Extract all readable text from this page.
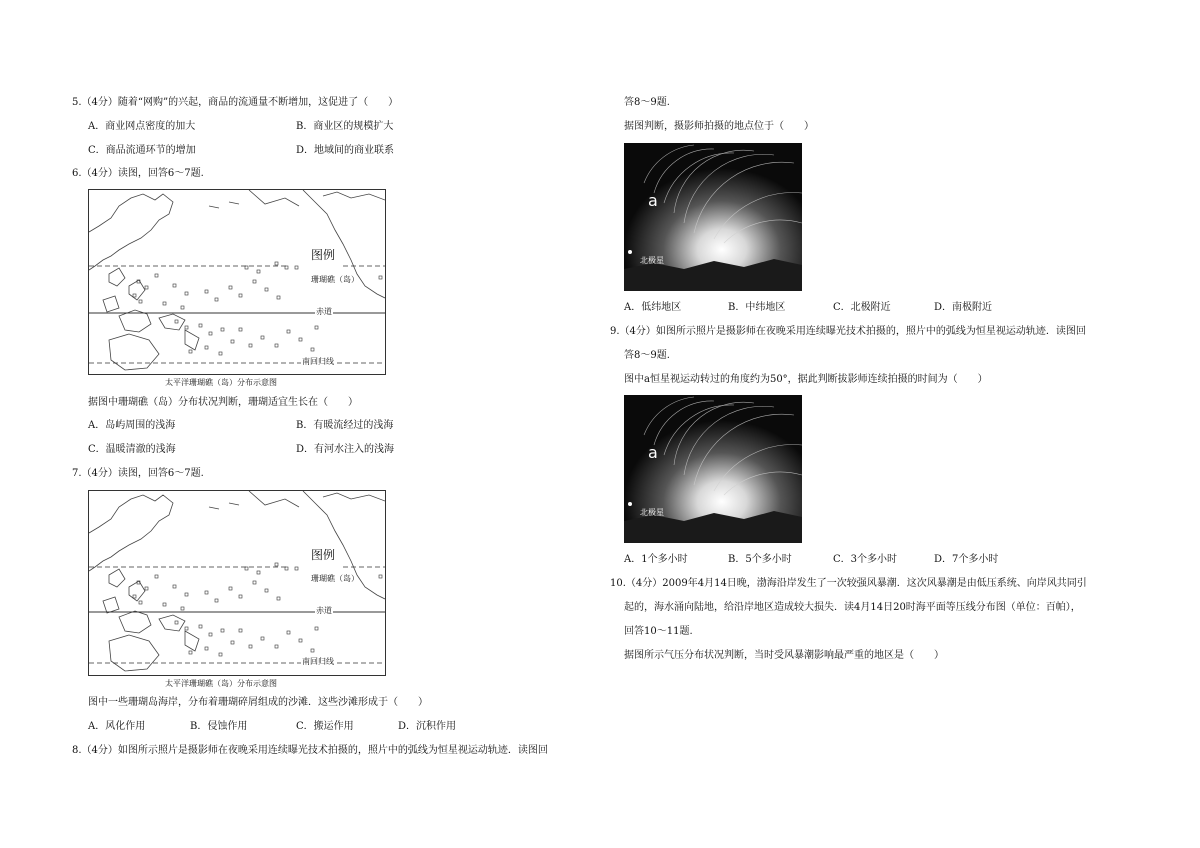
5.（4分）随着“网购”的兴起，商品的流通量不断增加，这促进了（　　）
A．商业网点密度的加大	B．商业区的规模扩大
C．商品流通环节的增加	D．地域间的商业联系
6.（4分）读图，回答6～7题.
图例
珊瑚礁（岛）
赤道
南回归线
太平洋珊瑚礁（岛）分布示意图
据图中珊瑚礁（岛）分布状况判断，珊瑚适宜生长在（　　）
A．岛屿周围的浅海	B．有暖流经过的浅海
C．温暖清澈的浅海	D．有河水注入的浅海
7.（4分）读图，回答6～7题.
图例
珊瑚礁（岛）
赤道
南回归线
太平洋珊瑚礁（岛）分布示意图
图中一些珊瑚岛海岸，分布着珊瑚碎屑组成的沙滩．这些沙滩形成于（　　）
A．风化作用	B．侵蚀作用	C．搬运作用	D．沉积作用
8.（4分）如图所示照片是摄影师在夜晚采用连续曝光技术拍摄的，照片中的弧线为恒星视运动轨迹．读图回
答8～9题.
据图判断，摄影师拍摄的地点位于（　　）
a
北极星
A．低纬地区	B．中纬地区	C．北极附近	D．南极附近
9.（4分）如图所示照片是摄影师在夜晚采用连续曝光技术拍摄的，照片中的弧线为恒星视运动轨迹．读图回
答8～9题.
图中a恒星视运动转过的角度约为50°，据此判断拔影师连续拍摄的时间为（　　）
a
北极星
A．1个多小时	B．5个多小时	C．3个多小时	D．7个多小时
10.（4分）2009年4月14日晚，渤海沿岸发生了一次较强风暴潮．这次风暴潮是由低压系统、向岸风共同引
起的，海水涌向陆地，给沿岸地区造成较大损失．读4月14日20时海平面等压线分布图（单位：百帕），
回答10～11题.
据图所示气压分布状况判断，当时受风暴潮影响最严重的地区是（　　）
